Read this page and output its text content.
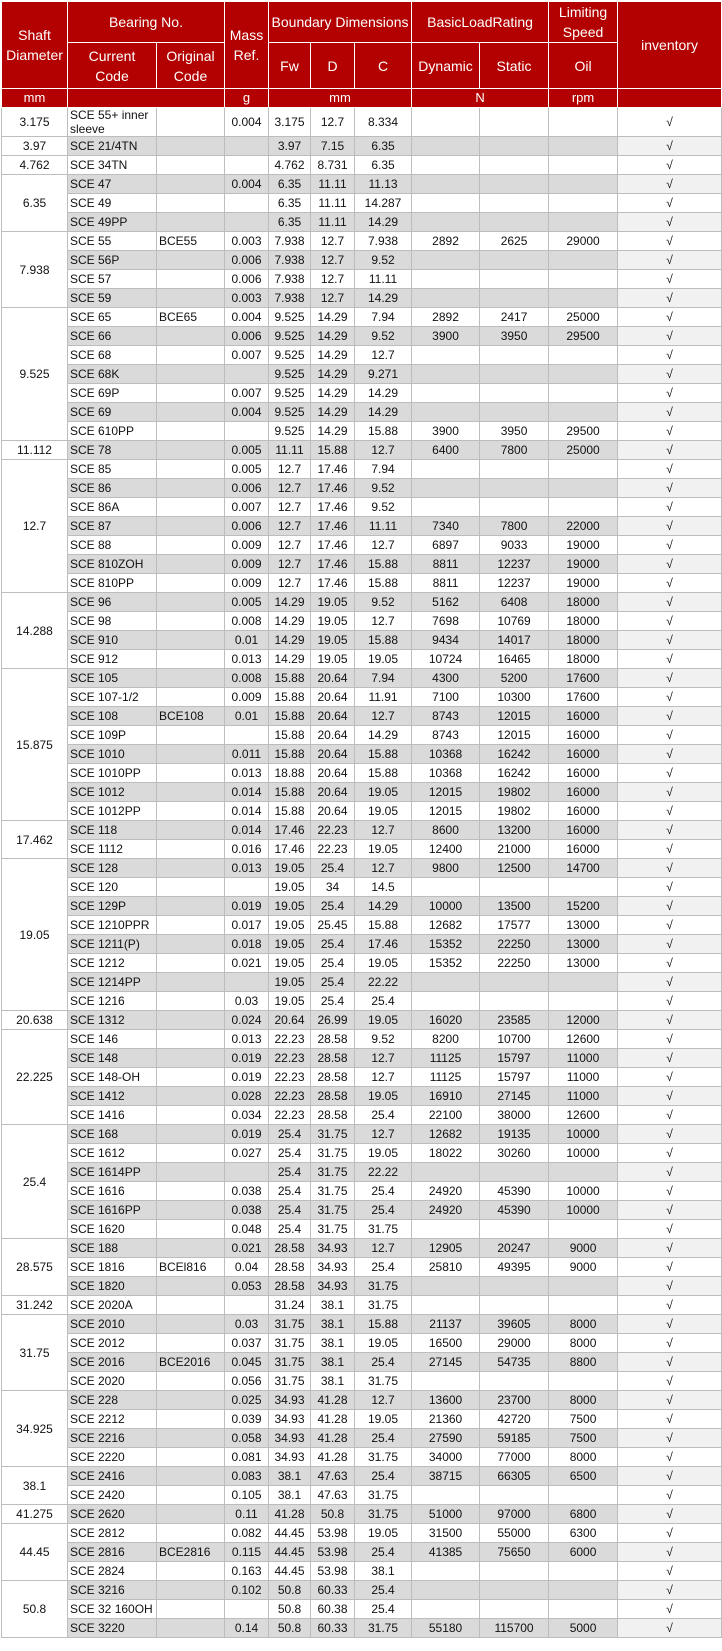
Shaft Diameter	Bearing No.		Mass Ref.	Boundary Dimensions			BasicLoadRating		Limiting Speed	inventory
	Current Code	Original Code		Fw	D	C	Dynamic	Static	Oil	
mm			g	mm			N		rpm	
3.175	SCE 55+ inner sleeve		0.004	3.175	12.7	8.334				√
3.97	SCE 21/4TN			3.97	7.15	6.35				√
4.762	SCE 34TN			4.762	8.731	6.35				√
6.35	SCE 47		0.004	6.35	11.11	11.13				√
	SCE 49			6.35	11.11	14.287				√
	SCE 49PP			6.35	11.11	14.29				√
7.938	SCE 55	BCE55	0.003	7.938	12.7	7.938	2892	2625	29000	√
	SCE 56P		0.006	7.938	12.7	9.52				√
	SCE 57		0.006	7.938	12.7	11.11				√
	SCE 59		0.003	7.938	12.7	14.29				√
9.525	SCE 65	BCE65	0.004	9.525	14.29	7.94	2892	2417	25000	√
	SCE 66		0.006	9.525	14.29	9.52	3900	3950	29500	√
	SCE 68		0.007	9.525	14.29	12.7				√
	SCE 68K			9.525	14.29	9.271				√
	SCE 69P		0.007	9.525	14.29	14.29				√
	SCE 69		0.004	9.525	14.29	14.29				√
	SCE 610PP			9.525	14.29	15.88	3900	3950	29500	√
11.112	SCE 78		0.005	11.11	15.88	12.7	6400	7800	25000	√
12.7	SCE 85		0.005	12.7	17.46	7.94				√
	SCE 86		0.006	12.7	17.46	9.52				√
	SCE 86A		0.007	12.7	17.46	9.52				√
	SCE 87		0.006	12.7	17.46	11.11	7340	7800	22000	√
	SCE 88		0.009	12.7	17.46	12.7	6897	9033	19000	√
	SCE 810ZOH		0.009	12.7	17.46	15.88	8811	12237	19000	√
	SCE 810PP		0.009	12.7	17.46	15.88	8811	12237	19000	√
14.288	SCE 96		0.005	14.29	19.05	9.52	5162	6408	18000	√
	SCE 98		0.008	14.29	19.05	12.7	7698	10769	18000	√
	SCE 910		0.01	14.29	19.05	15.88	9434	14017	18000	√
	SCE 912		0.013	14.29	19.05	19.05	10724	16465	18000	√
15.875	SCE 105		0.008	15.88	20.64	7.94	4300	5200	17600	√
	SCE 107-1/2		0.009	15.88	20.64	11.91	7100	10300	17600	√
	SCE 108	BCE108	0.01	15.88	20.64	12.7	8743	12015	16000	√
	SCE 109P			15.88	20.64	14.29	8743	12015	16000	√
	SCE 1010		0.011	15.88	20.64	15.88	10368	16242	16000	√
	SCE 1010PP		0.013	18.88	20.64	15.88	10368	16242	16000	√
	SCE 1012		0.014	15.88	20.64	19.05	12015	19802	16000	√
	SCE 1012PP		0.014	15.88	20.64	19.05	12015	19802	16000	√
17.462	SCE 118		0.014	17.46	22.23	12.7	8600	13200	16000	√
	SCE 1112		0.016	17.46	22.23	19.05	12400	21000	16000	√
19.05	SCE 128		0.013	19.05	25.4	12.7	9800	12500	14700	√
	SCE 120			19.05	34	14.5				√
	SCE 129P		0.019	19.05	25.4	14.29	10000	13500	15200	√
	SCE 1210PPR		0.017	19.05	25.45	15.88	12682	17577	13000	√
	SCE 1211(P)		0.018	19.05	25.4	17.46	15352	22250	13000	√
	SCE 1212		0.021	19.05	25.4	19.05	15352	22250	13000	√
	SCE 1214PP			19.05	25.4	22.22				√
	SCE 1216		0.03	19.05	25.4	25.4				√
20.638	SCE 1312		0.024	20.64	26.99	19.05	16020	23585	12000	√
22.225	SCE 146		0.013	22.23	28.58	9.52	8200	10700	12600	√
	SCE 148		0.019	22.23	28.58	12.7	11125	15797	11000	√
	SCE 148-OH		0.019	22.23	28.58	12.7	11125	15797	11000	√
	SCE 1412		0.028	22.23	28.58	19.05	16910	27145	11000	√
	SCE 1416		0.034	22.23	28.58	25.4	22100	38000	12600	√
25.4	SCE 168		0.019	25.4	31.75	12.7	12682	19135	10000	√
	SCE 1612		0.027	25.4	31.75	19.05	18022	30260	10000	√
	SCE 1614PP			25.4	31.75	22.22				√
	SCE 1616		0.038	25.4	31.75	25.4	24920	45390	10000	√
	SCE 1616PP		0.038	25.4	31.75	25.4	24920	45390	10000	√
	SCE 1620		0.048	25.4	31.75	31.75				√
28.575	SCE 188		0.021	28.58	34.93	12.7	12905	20247	9000	√
	SCE 1816	BCEl816	0.04	28.58	34.93	25.4	25810	49395	9000	√
	SCE 1820		0.053	28.58	34.93	31.75				√
31.242	SCE 2020A			31.24	38.1	31.75				√
31.75	SCE 2010		0.03	31.75	38.1	15.88	21137	39605	8000	√
	SCE 2012		0.037	31.75	38.1	19.05	16500	29000	8000	√
	SCE 2016	BCE2016	0.045	31.75	38.1	25.4	27145	54735	8800	√
	SCE 2020		0.056	31.75	38.1	31.75				√
34.925	SCE 228		0.025	34.93	41.28	12.7	13600	23700	8000	√
	SCE 2212		0.039	34.93	41.28	19.05	21360	42720	7500	√
	SCE 2216		0.058	34.93	41.28	25.4	27590	59185	7500	√
	SCE 2220		0.081	34.93	41.28	31.75	34000	77000	8000	√
38.1	SCE 2416		0.083	38.1	47.63	25.4	38715	66305	6500	√
	SCE 2420		0.105	38.1	47.63	31.75				√
41.275	SCE 2620		0.11	41.28	50.8	31.75	51000	97000	6800	√
44.45	SCE 2812		0.082	44.45	53.98	19.05	31500	55000	6300	√
	SCE 2816	BCE2816	0.115	44.45	53.98	25.4	41385	75650	6000	√
	SCE 2824		0.163	44.45	53.98	38.1				√
50.8	SCE 3216		0.102	50.8	60.33	25.4				√
	SCE 32 160OH			50.8	60.38	25.4				√
	SCE 3220		0.14	50.8	60.33	31.75	55180	115700	5000	√
